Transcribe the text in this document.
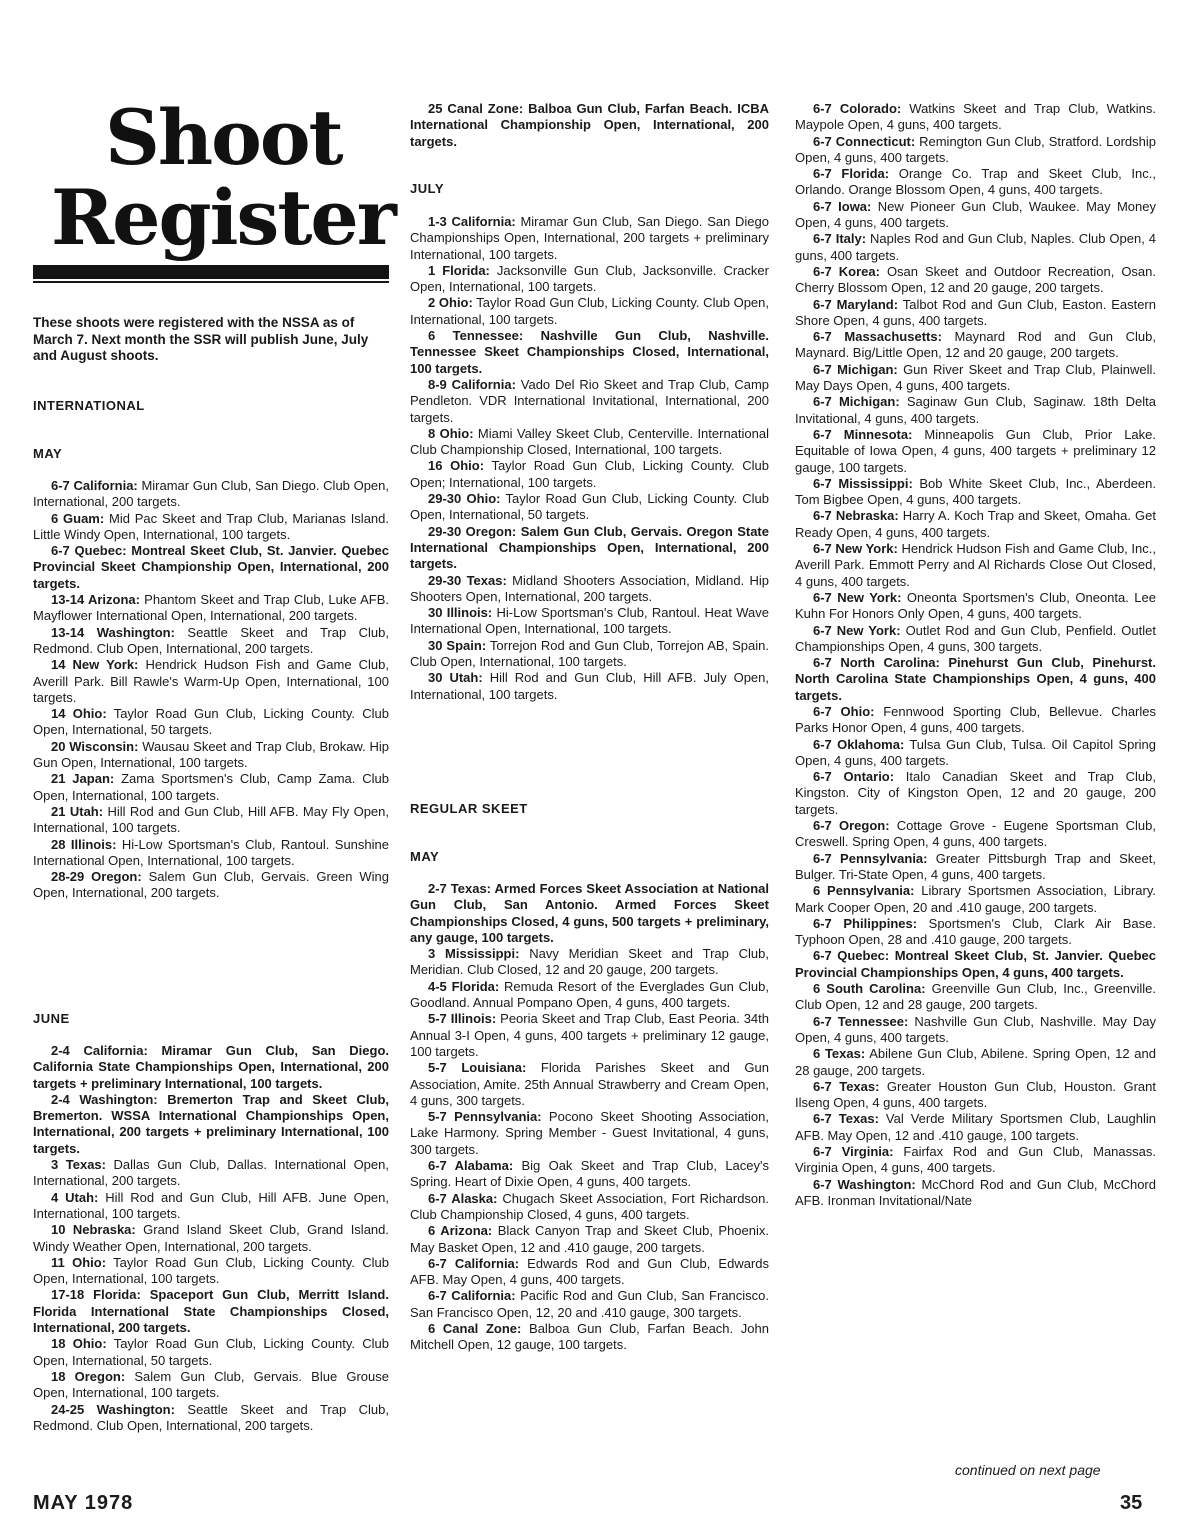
Shoot
Register

These shoots were registered with the NSSA as of March 7. Next month the SSR will publish June, July and August shoots.

INTERNATIONAL
MAY

6-7 California: Miramar Gun Club, San Diego. Club Open, International, 200 targets.

6 Guam: Mid Pac Skeet and Trap Club, Marianas Island. Little Windy Open, International, 100 targets.

6-7 Quebec: Montreal Skeet Club, St. Janvier. Quebec Provincial Skeet Championship Open, International, 200 targets.

13-14 Arizona: Phantom Skeet and Trap Club, Luke AFB. Mayflower International Open, International, 200 targets.

13-14 Washington: Seattle Skeet and Trap Club, Redmond. Club Open, International, 200 targets.

14 New York: Hendrick Hudson Fish and Game Club, Averill Park. Bill Rawle's Warm-Up Open, International, 100 targets.

14 Ohio: Taylor Road Gun Club, Licking County. Club Open, International, 50 targets.

20 Wisconsin: Wausau Skeet and Trap Club, Brokaw. Hip Gun Open, International, 100 targets.

21 Japan: Zama Sportsmen's Club, Camp Zama. Club Open, International, 100 targets.

21 Utah: Hill Rod and Gun Club, Hill AFB. May Fly Open, International, 100 targets.

28 Illinois: Hi-Low Sportsman's Club, Rantoul. Sunshine International Open, International, 100 targets.

28-29 Oregon: Salem Gun Club, Gervais. Green Wing Open, International, 200 targets.

JUNE

2-4 California: Miramar Gun Club, San Diego. California State Championships Open, International, 200 targets + preliminary International, 100 targets.

2-4 Washington: Bremerton Trap and Skeet Club, Bremerton. WSSA International Championships Open, International, 200 targets + preliminary International, 100 targets.

3 Texas: Dallas Gun Club, Dallas. International Open, International, 200 targets.

4 Utah: Hill Rod and Gun Club, Hill AFB. June Open, International, 100 targets.

10 Nebraska: Grand Island Skeet Club, Grand Island. Windy Weather Open, International, 200 targets.

11 Ohio: Taylor Road Gun Club, Licking County. Club Open, International, 100 targets.

17-18 Florida: Spaceport Gun Club, Merritt Island. Florida International State Championships Closed, International, 200 targets.

18 Ohio: Taylor Road Gun Club, Licking County. Club Open, International, 50 targets.

18 Oregon: Salem Gun Club, Gervais. Blue Grouse Open, International, 100 targets.

24-25 Washington: Seattle Skeet and Trap Club, Redmond. Club Open, International, 200 targets.

25 Canal Zone: Balboa Gun Club, Farfan Beach. ICBA International Championship Open, International, 200 targets.

JULY

1-3 California: Miramar Gun Club, San Diego. San Diego Championships Open, International, 200 targets + preliminary International, 100 targets.

1 Florida: Jacksonville Gun Club, Jacksonville. Cracker Open, International, 100 targets.

2 Ohio: Taylor Road Gun Club, Licking County. Club Open, International, 100 targets.

6 Tennessee: Nashville Gun Club, Nashville. Tennessee Skeet Championships Closed, International, 100 targets.

8-9 California: Vado Del Rio Skeet and Trap Club, Camp Pendleton. VDR International Invitational, International, 200 targets.

8 Ohio: Miami Valley Skeet Club, Centerville. International Club Championship Closed, International, 100 targets.

16 Ohio: Taylor Road Gun Club, Licking County. Club Open; International, 100 targets.

29-30 Ohio: Taylor Road Gun Club, Licking County. Club Open, International, 50 targets.

29-30 Oregon: Salem Gun Club, Gervais. Oregon State International Championships Open, International, 200 targets.

29-30 Texas: Midland Shooters Association, Midland. Hip Shooters Open, International, 200 targets.

30 Illinois: Hi-Low Sportsman's Club, Rantoul. Heat Wave International Open, International, 100 targets.

30 Spain: Torrejon Rod and Gun Club, Torrejon AB, Spain. Club Open, International, 100 targets.

30 Utah: Hill Rod and Gun Club, Hill AFB. July Open, International, 100 targets.

REGULAR SKEET
MAY

2-7 Texas: Armed Forces Skeet Association at National Gun Club, San Antonio. Armed Forces Skeet Championships Closed, 4 guns, 500 targets + preliminary, any gauge, 100 targets.

3 Mississippi: Navy Meridian Skeet and Trap Club, Meridian. Club Closed, 12 and 20 gauge, 200 targets.

4-5 Florida: Remuda Resort of the Everglades Gun Club, Goodland. Annual Pompano Open, 4 guns, 400 targets.

5-7 Illinois: Peoria Skeet and Trap Club, East Peoria. 34th Annual 3-I Open, 4 guns, 400 targets + preliminary 12 gauge, 100 targets.

5-7 Louisiana: Florida Parishes Skeet and Gun Association, Amite. 25th Annual Strawberry and Cream Open, 4 guns, 300 targets.

5-7 Pennsylvania: Pocono Skeet Shooting Association, Lake Harmony. Spring Member - Guest Invitational, 4 guns, 300 targets.

6-7 Alabama: Big Oak Skeet and Trap Club, Lacey's Spring. Heart of Dixie Open, 4 guns, 400 targets.

6-7 Alaska: Chugach Skeet Association, Fort Richardson. Club Championship Closed, 4 guns, 400 targets.

6 Arizona: Black Canyon Trap and Skeet Club, Phoenix. May Basket Open, 12 and .410 gauge, 200 targets.

6-7 California: Edwards Rod and Gun Club, Edwards AFB. May Open, 4 guns, 400 targets.

6-7 California: Pacific Rod and Gun Club, San Francisco. San Francisco Open, 12, 20 and .410 gauge, 300 targets.

6 Canal Zone: Balboa Gun Club, Farfan Beach. John Mitchell Open, 12 gauge, 100 targets.

6-7 Colorado: Watkins Skeet and Trap Club, Watkins. Maypole Open, 4 guns, 400 targets.

6-7 Connecticut: Remington Gun Club, Stratford. Lordship Open, 4 guns, 400 targets.

6-7 Florida: Orange Co. Trap and Skeet Club, Inc., Orlando. Orange Blossom Open, 4 guns, 400 targets.

6-7 Iowa: New Pioneer Gun Club, Waukee. May Money Open, 4 guns, 400 targets.

6-7 Italy: Naples Rod and Gun Club, Naples. Club Open, 4 guns, 400 targets.

6-7 Korea: Osan Skeet and Outdoor Recreation, Osan. Cherry Blossom Open, 12 and 20 gauge, 200 targets.

6-7 Maryland: Talbot Rod and Gun Club, Easton. Eastern Shore Open, 4 guns, 400 targets.

6-7 Massachusetts: Maynard Rod and Gun Club, Maynard. Big/Little Open, 12 and 20 gauge, 200 targets.

6-7 Michigan: Gun River Skeet and Trap Club, Plainwell. May Days Open, 4 guns, 400 targets.

6-7 Michigan: Saginaw Gun Club, Saginaw. 18th Delta Invitational, 4 guns, 400 targets.

6-7 Minnesota: Minneapolis Gun Club, Prior Lake. Equitable of Iowa Open, 4 guns, 400 targets + preliminary 12 gauge, 100 targets.

6-7 Mississippi: Bob White Skeet Club, Inc., Aberdeen. Tom Bigbee Open, 4 guns, 400 targets.

6-7 Nebraska: Harry A. Koch Trap and Skeet, Omaha. Get Ready Open, 4 guns, 400 targets.

6-7 New York: Hendrick Hudson Fish and Game Club, Inc., Averill Park. Emmott Perry and Al Richards Close Out Closed, 4 guns, 400 targets.

6-7 New York: Oneonta Sportsmen's Club, Oneonta. Lee Kuhn For Honors Only Open, 4 guns, 400 targets.

6-7 New York: Outlet Rod and Gun Club, Penfield. Outlet Championships Open, 4 guns, 300 targets.

6-7 North Carolina: Pinehurst Gun Club, Pinehurst. North Carolina State Championships Open, 4 guns, 400 targets.

6-7 Ohio: Fennwood Sporting Club, Bellevue. Charles Parks Honor Open, 4 guns, 400 targets.

6-7 Oklahoma: Tulsa Gun Club, Tulsa. Oil Capitol Spring Open, 4 guns, 400 targets.

6-7 Ontario: Italo Canadian Skeet and Trap Club, Kingston. City of Kingston Open, 12 and 20 gauge, 200 targets.

6-7 Oregon: Cottage Grove - Eugene Sportsman Club, Creswell. Spring Open, 4 guns, 400 targets.

6-7 Pennsylvania: Greater Pittsburgh Trap and Skeet, Bulger. Tri-State Open, 4 guns, 400 targets.

6 Pennsylvania: Library Sportsmen Association, Library. Mark Cooper Open, 20 and .410 gauge, 200 targets.

6-7 Philippines: Sportsmen's Club, Clark Air Base. Typhoon Open, 28 and .410 gauge, 200 targets.

6-7 Quebec: Montreal Skeet Club, St. Janvier. Quebec Provincial Championships Open, 4 guns, 400 targets.

6 South Carolina: Greenville Gun Club, Inc., Greenville. Club Open, 12 and 28 gauge, 200 targets.

6-7 Tennessee: Nashville Gun Club, Nashville. May Day Open, 4 guns, 400 targets.

6 Texas: Abilene Gun Club, Abilene. Spring Open, 12 and 28 gauge, 200 targets.

6-7 Texas: Greater Houston Gun Club, Houston. Grant Ilseng Open, 4 guns, 400 targets.

6-7 Texas: Val Verde Military Sportsmen Club, Laughlin AFB. May Open, 12 and .410 gauge, 100 targets.

6-7 Virginia: Fairfax Rod and Gun Club, Manassas. Virginia Open, 4 guns, 400 targets.

6-7 Washington: McChord Rod and Gun Club, McChord AFB. Ironman Invitational/Nate

continued on next page
MAY 1978	35
